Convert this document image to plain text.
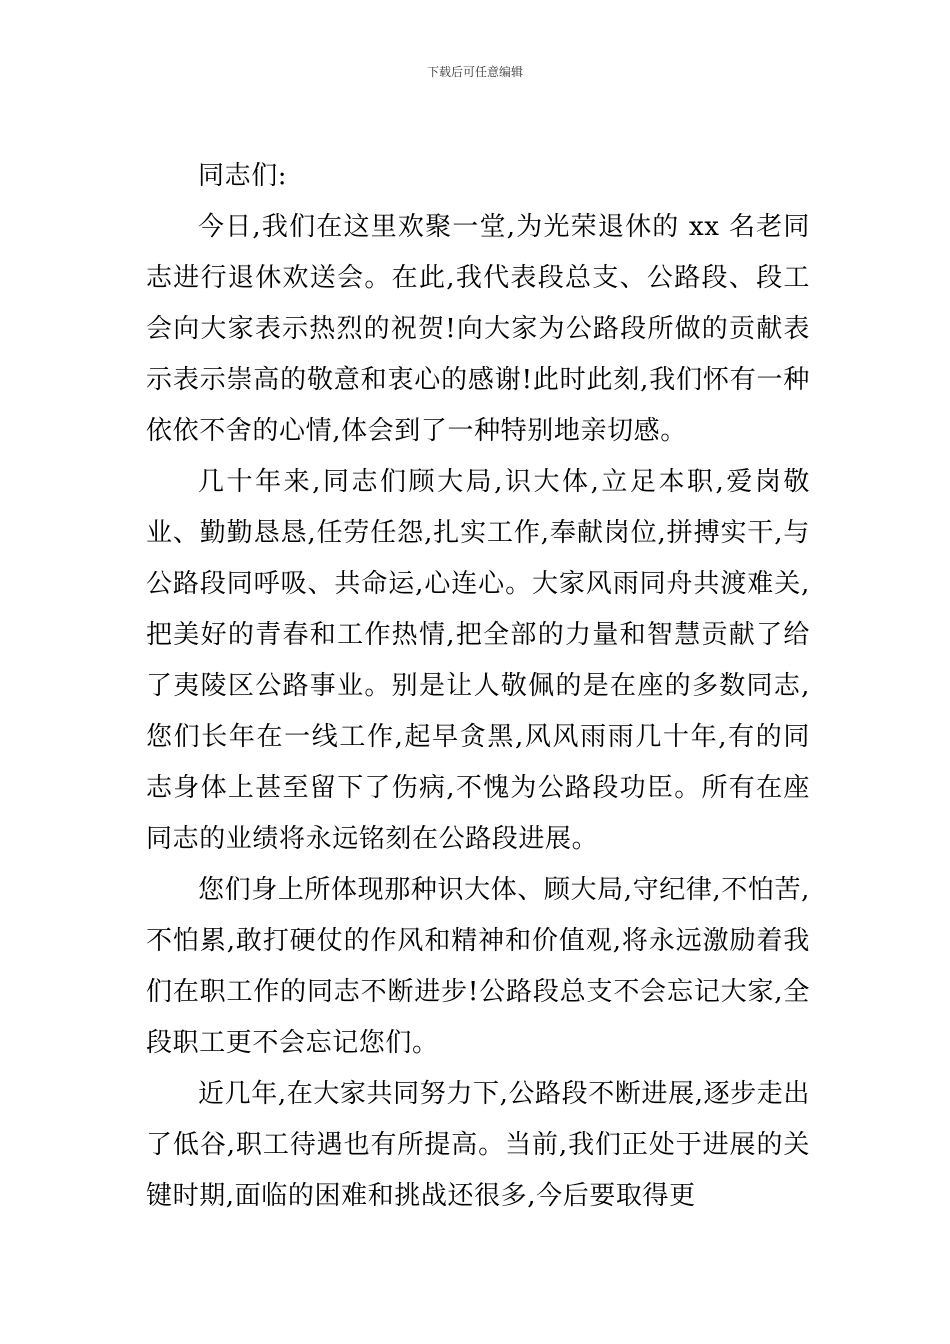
下载后可任意编辑

同志们:

今日,我们在这里欢聚一堂,为光荣退休的 xx 名老同志进行退休欢送会。在此,我代表段总支、公路段、段工会向大家表示热烈的祝贺!向大家为公路段所做的贡献表示表示崇高的敬意和衷心的感谢!此时此刻,我们怀有一种依依不舍的心情,体会到了一种特别地亲切感。

几十年来,同志们顾大局,识大体,立足本职,爱岗敬业、勤勤恳恳,任劳任怨,扎实工作,奉献岗位,拼搏实干,与公路段同呼吸、共命运,心连心。大家风雨同舟共渡难关,把美好的青春和工作热情,把全部的力量和智慧贡献了给了夷陵区公路事业。别是让人敬佩的是在座的多数同志,您们长年在一线工作,起早贪黑,风风雨雨几十年,有的同志身体上甚至留下了伤病,不愧为公路段功臣。所有在座同志的业绩将永远铭刻在公路段进展。

您们身上所体现那种识大体、顾大局,守纪律,不怕苦,不怕累,敢打硬仗的作风和精神和价值观,将永远激励着我们在职工作的同志不断进步!公路段总支不会忘记大家,全段职工更不会忘记您们。

近几年,在大家共同努力下,公路段不断进展,逐步走出了低谷,职工待遇也有所提高。当前,我们正处于进展的关键时期,面临的困难和挑战还很多,今后要取得更
